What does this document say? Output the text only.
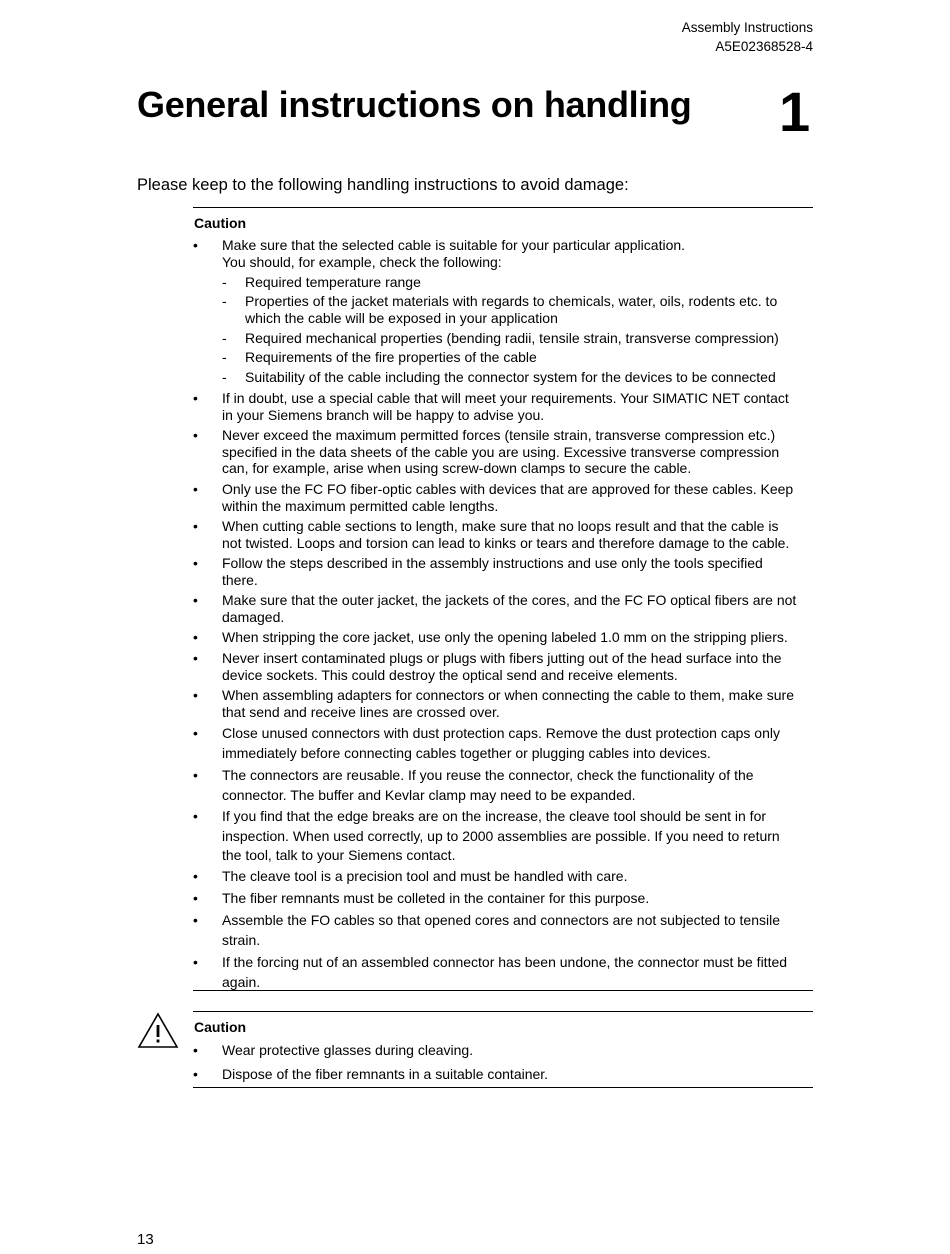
Assembly Instructions
A5E02368528-4
General instructions on handling 1

Please keep to the following handling instructions to avoid damage:

Caution
• Make sure that the selected cable is suitable for your particular application.
You should, for example, check the following:
- Required temperature range
- Properties of the jacket materials with regards to chemicals, water, oils, rodents etc. to
which the cable will be exposed in your application
- Required mechanical properties (bending radii, tensile strain, transverse compression)
- Requirements of the fire properties of the cable
- Suitability of the cable including the connector system for the devices to be connected
• If in doubt, use a special cable that will meet your requirements. Your SIMATIC NET contact
in your Siemens branch will be happy to advise you.
• Never exceed the maximum permitted forces (tensile strain, transverse compression etc.)
specified in the data sheets of the cable you are using. Excessive transverse compression
can, for example, arise when using screw-down clamps to secure the cable.
• Only use the FC FO fiber-optic cables with devices that are approved for these cables. Keep
within the maximum permitted cable lengths.
• When cutting cable sections to length, make sure that no loops result and that the cable is
not twisted. Loops and torsion can lead to kinks or tears and therefore damage to the cable.
• Follow the steps described in the assembly instructions and use only the tools specified
there.
• Make sure that the outer jacket, the jackets of the cores, and the FC FO optical fibers are not
damaged.
• When stripping the core jacket, use only the opening labeled 1.0 mm on the stripping pliers.
• Never insert contaminated plugs or plugs with fibers jutting out of the head surface into the
device sockets. This could destroy the optical send and receive elements.
• When assembling adapters for connectors or when connecting the cable to them, make sure
that send and receive lines are crossed over.
• Close unused connectors with dust protection caps. Remove the dust protection caps only
immediately before connecting cables together or plugging cables into devices.
• The connectors are reusable. If you reuse the connector, check the functionality of the
connector. The buffer and Kevlar clamp may need to be expanded.
• If you find that the edge breaks are on the increase, the cleave tool should be sent in for
inspection. When used correctly, up to 2000 assemblies are possible. If you need to return
the tool, talk to your Siemens contact.
• The cleave tool is a precision tool and must be handled with care.
• The fiber remnants must be colleted in the container for this purpose.
• Assemble the FO cables so that opened cores and connectors are not subjected to tensile
strain.
• If the forcing nut of an assembled connector has been undone, the connector must be fitted
again.
Caution
• Wear protective glasses during cleaving.
• Dispose of the fiber remnants in a suitable container.
13
